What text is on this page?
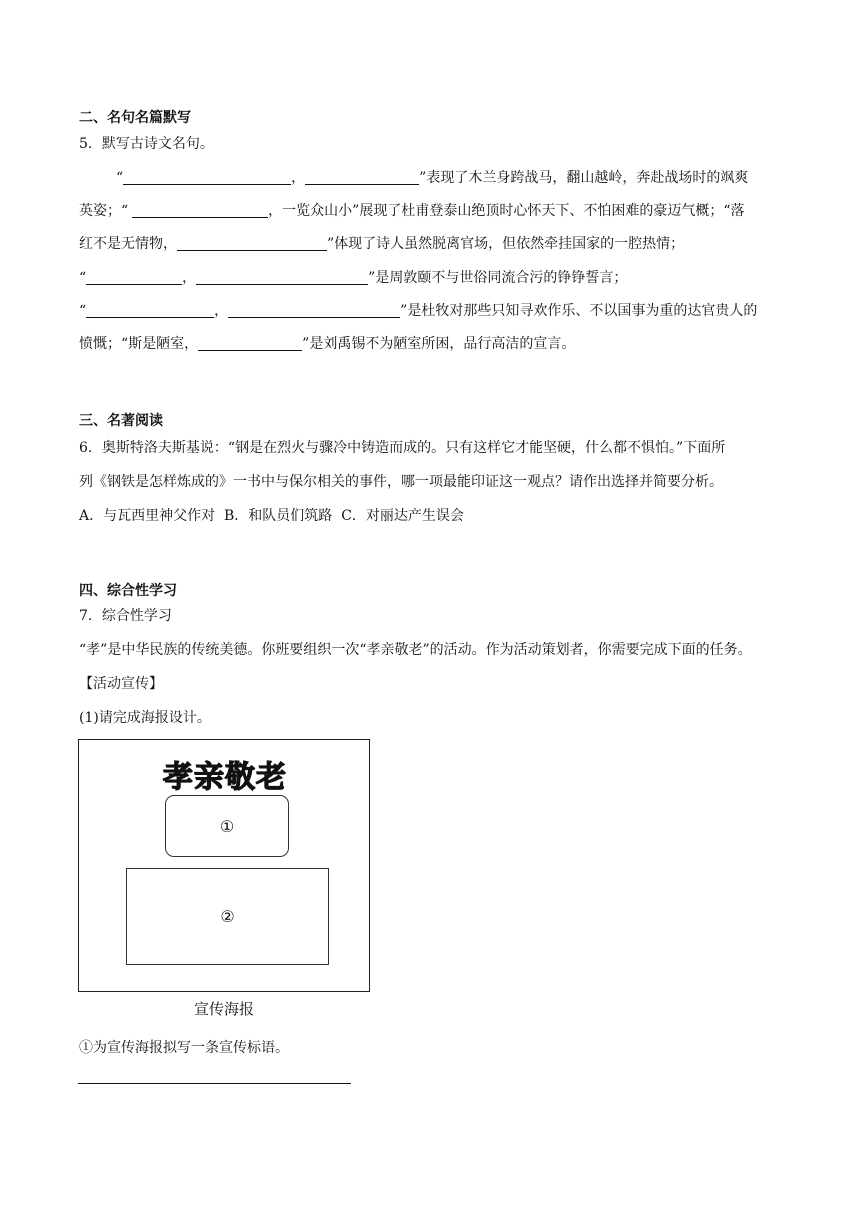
二、名句名篇默写
5．默写古诗文名句。
“	，	”表现了木兰身跨战马，翻山越岭，奔赴战场时的飒爽
英姿；“	，一览众山小”展现了杜甫登泰山绝顶时心怀天下、不怕困难的豪迈气概；“落
红不是无情物，	”体现了诗人虽然脱离官场，但依然牵挂国家的一腔热情；
“	，	”是周敦颐不与世俗同流合污的铮铮誓言；
“	，	”是杜牧对那些只知寻欢作乐、不以国事为重的达官贵人的
愤慨；“斯是陋室，	”是刘禹锡不为陋室所困，品行高洁的宣言。
三、名著阅读
6．奥斯特洛夫斯基说：“钢是在烈火与骤冷中铸造而成的。只有这样它才能坚硬，什么都不惧怕。”下面所
列《钢铁是怎样炼成的》一书中与保尔相关的事件，哪一项最能印证这一观点？请作出选择并简要分析。
A．与瓦西里神父作对  B．和队员们筑路  C．对丽达产生误会
四、综合性学习
7．综合性学习
“孝”是中华民族的传统美德。你班要组织一次“孝亲敬老”的活动。作为活动策划者，你需要完成下面的任务。
【活动宣传】
(1)请完成海报设计。
孝亲敬老
①
②
宣传海报
①为宣传海报拟写一条宣传标语。
